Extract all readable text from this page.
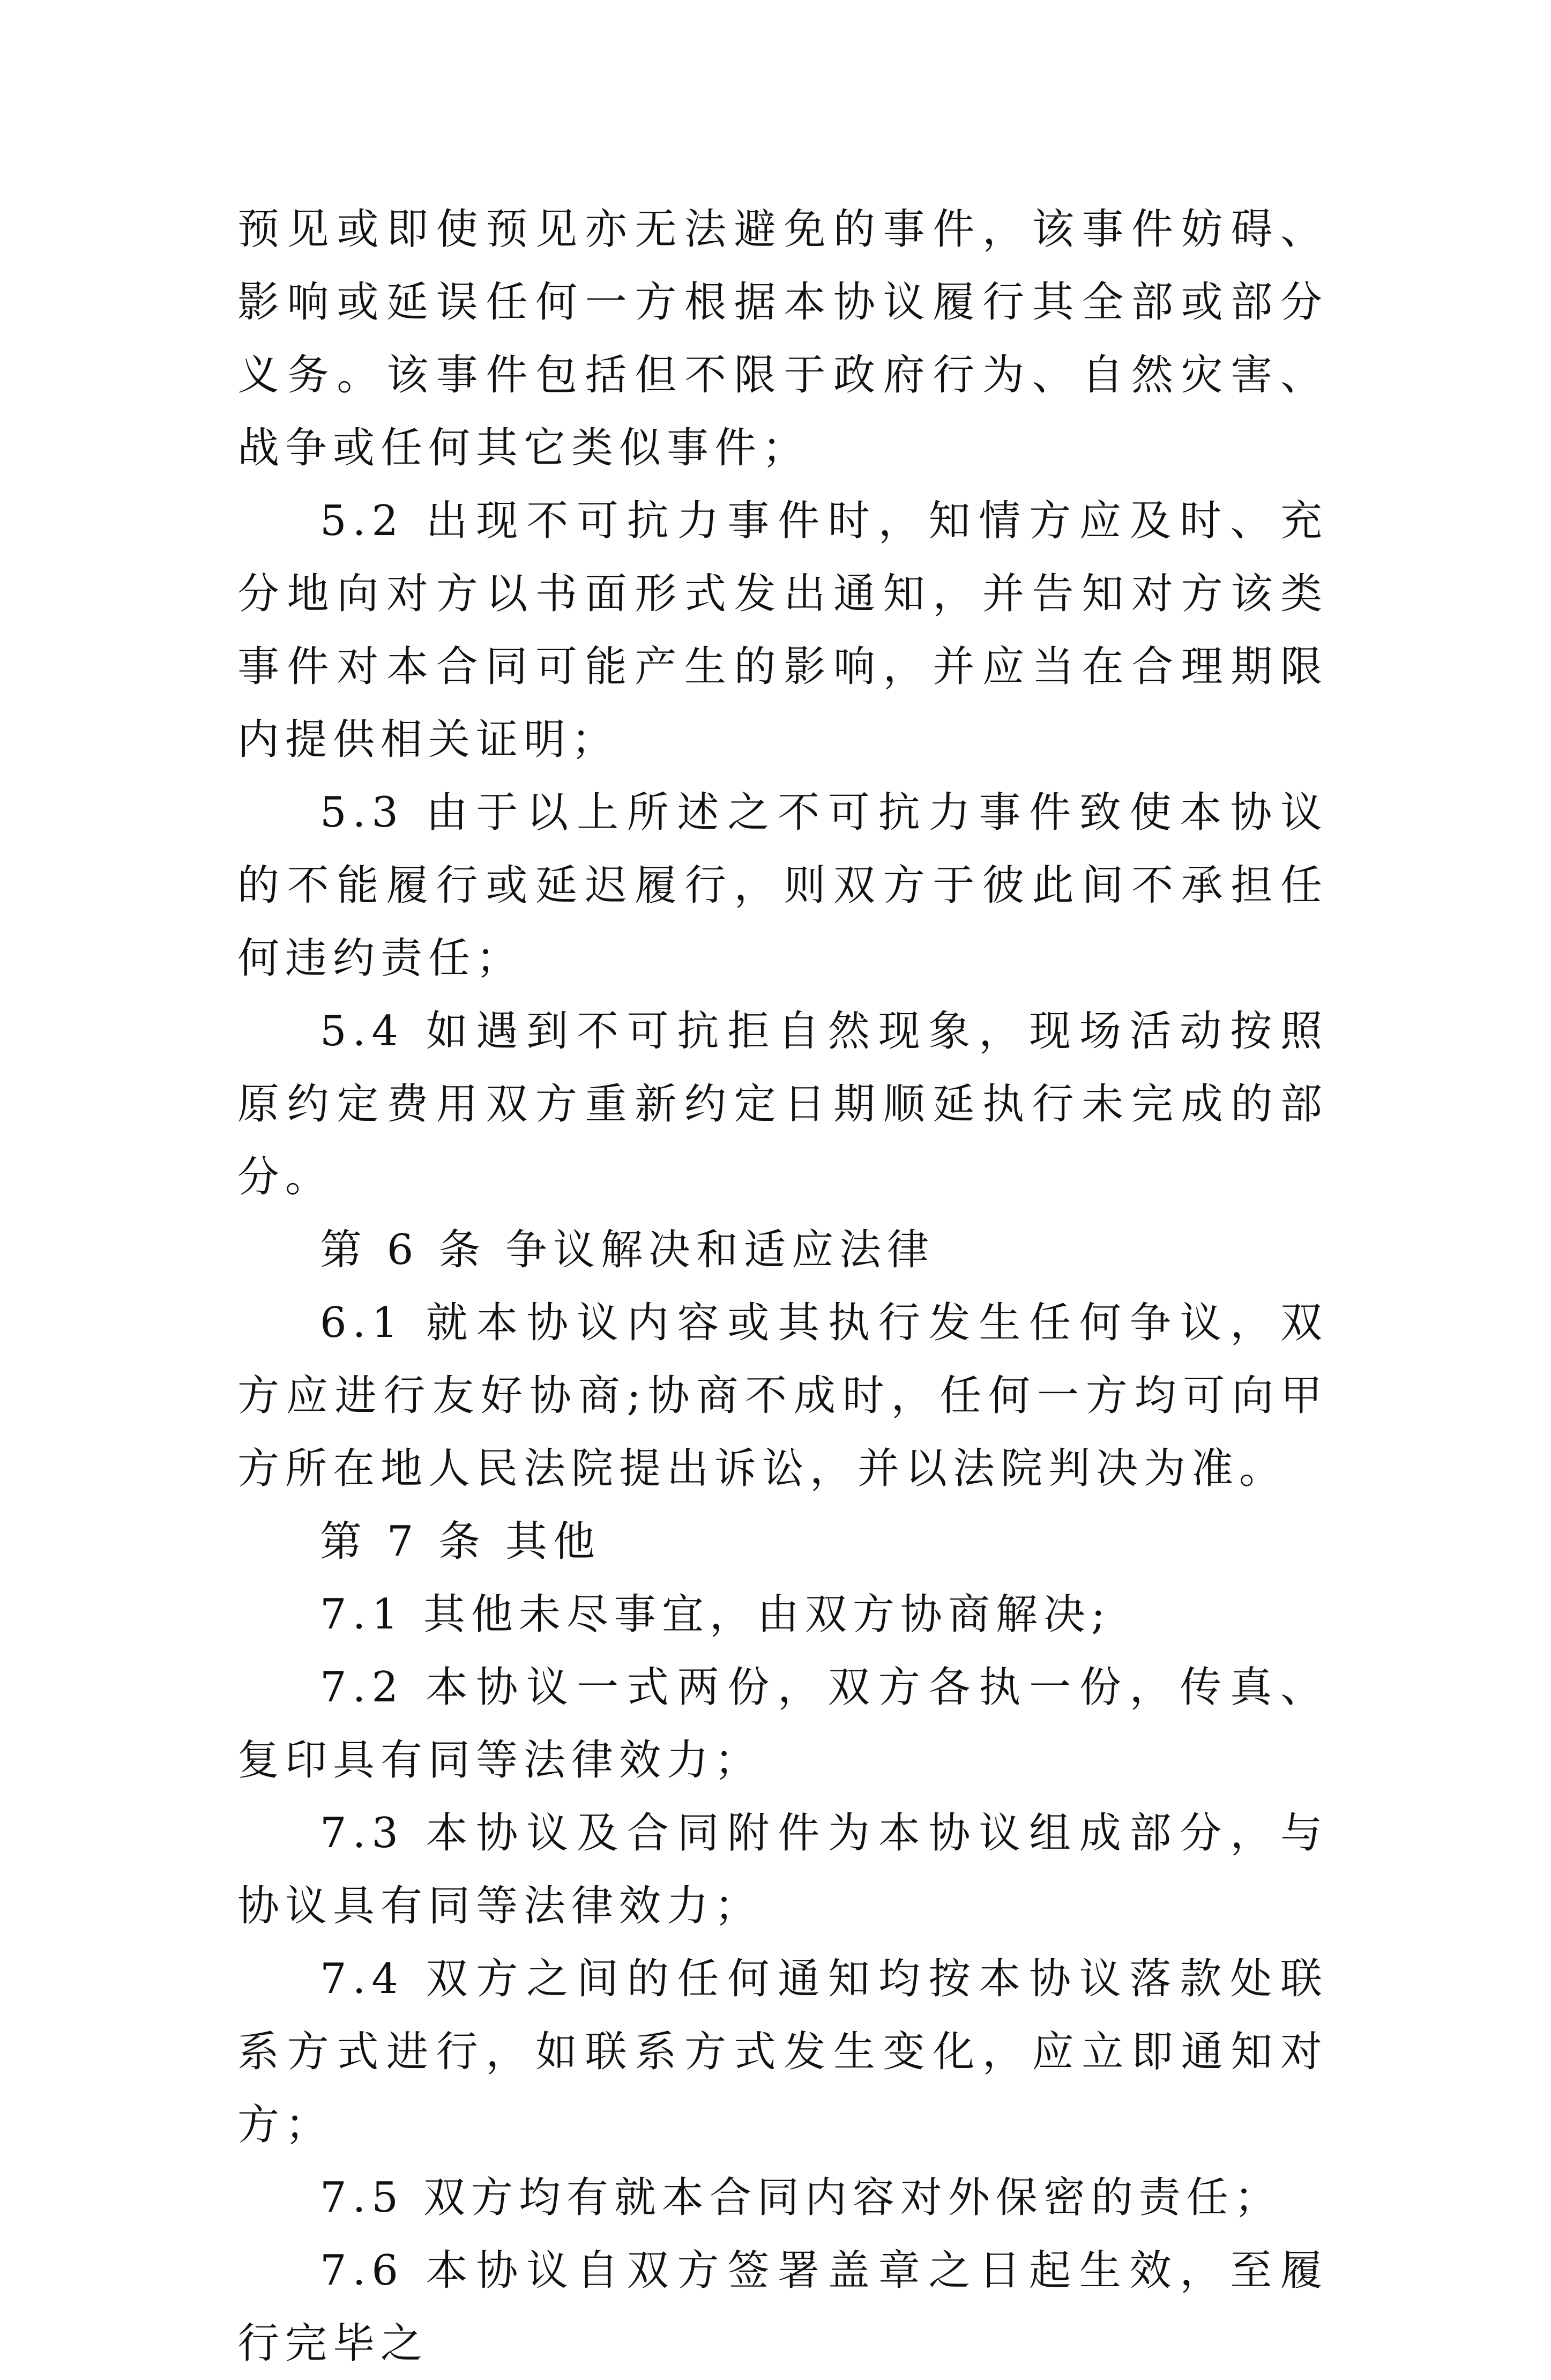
预见或即使预见亦无法避免的事件，该事件妨碍、影响或延误任何一方根据本协议履行其全部或部分义务。该事件包括但不限于政府行为、自然灾害、战争或任何其它类似事件；

5.2 出现不可抗力事件时，知情方应及时、充分地向对方以书面形式发出通知，并告知对方该类事件对本合同可能产生的影响，并应当在合理期限内提供相关证明；

5.3 由于以上所述之不可抗力事件致使本协议的不能履行或延迟履行，则双方于彼此间不承担任何违约责任；

5.4 如遇到不可抗拒自然现象，现场活动按照原约定费用双方重新约定日期顺延执行未完成的部分。

第 6 条 争议解决和适应法律

6.1 就本协议内容或其执行发生任何争议，双方应进行友好协商;协商不成时，任何一方均可向甲方所在地人民法院提出诉讼，并以法院判决为准。

第 7 条 其他

7.1 其他未尽事宜，由双方协商解决;

7.2 本协议一式两份，双方各执一份，传真、复印具有同等法律效力；

7.3 本协议及合同附件为本协议组成部分，与协议具有同等法律效力；

7.4 双方之间的任何通知均按本协议落款处联系方式进行，如联系方式发生变化，应立即通知对方；

7.5 双方均有就本合同内容对外保密的责任；

7.6 本协议自双方签署盖章之日起生效，至履行完毕之
